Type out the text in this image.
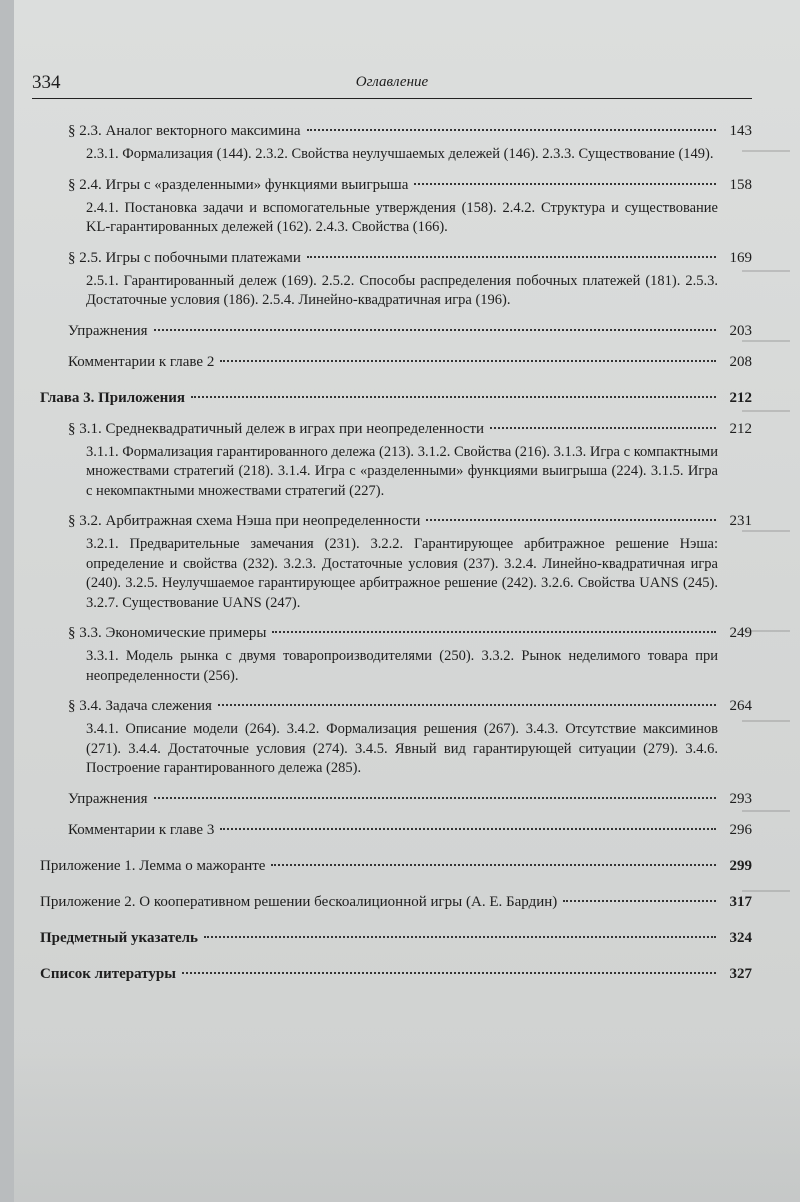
334	Оглавление
§ 2.3. Аналог векторного максимина	143
2.3.1. Формализация (144). 2.3.2. Свойства неулучшаемых дележей (146). 2.3.3. Существование (149).
§ 2.4. Игры с «разделенными» функциями выигрыша	158
2.4.1. Постановка задачи и вспомогательные утверждения (158). 2.4.2. Структура и существование KL-гарантированных дележей (162). 2.4.3. Свойства (166).
§ 2.5. Игры с побочными платежами	169
2.5.1. Гарантированный дележ (169). 2.5.2. Способы распределения побочных платежей (181). 2.5.3. Достаточные условия (186). 2.5.4. Линейно-квадратичная игра (196).
Упражнения	203
Комментарии к главе 2	208
Глава 3. Приложения	212
§ 3.1. Среднеквадратичный дележ в играх при неопределенности	212
3.1.1. Формализация гарантированного дележа (213). 3.1.2. Свойства (216). 3.1.3. Игра с компактными множествами стратегий (218). 3.1.4. Игра с «разделенными» функциями выигрыша (224). 3.1.5. Игра с некомпактными множествами стратегий (227).
§ 3.2. Арбитражная схема Нэша при неопределенности	231
3.2.1. Предварительные замечания (231). 3.2.2. Гарантирующее арбитражное решение Нэша: определение и свойства (232). 3.2.3. Достаточные условия (237). 3.2.4. Линейно-квадратичная игра (240). 3.2.5. Неулучшаемое гарантирующее арбитражное решение (242). 3.2.6. Свойства UANS (245). 3.2.7. Существование UANS (247).
§ 3.3. Экономические примеры	249
3.3.1. Модель рынка с двумя товаропроизводителями (250). 3.3.2. Рынок неделимого товара при неопределенности (256).
§ 3.4. Задача слежения	264
3.4.1. Описание модели (264). 3.4.2. Формализация решения (267). 3.4.3. Отсутствие максиминов (271). 3.4.4. Достаточные условия (274). 3.4.5. Явный вид гарантирующей ситуации (279). 3.4.6. Построение гарантированного дележа (285).
Упражнения	293
Комментарии к главе 3	296
Приложение 1. Лемма о мажоранте	299
Приложение 2. О кооперативном решении бескоалиционной игры (А. Е. Бардин)	317
Предметный указатель	324
Список литературы	327
